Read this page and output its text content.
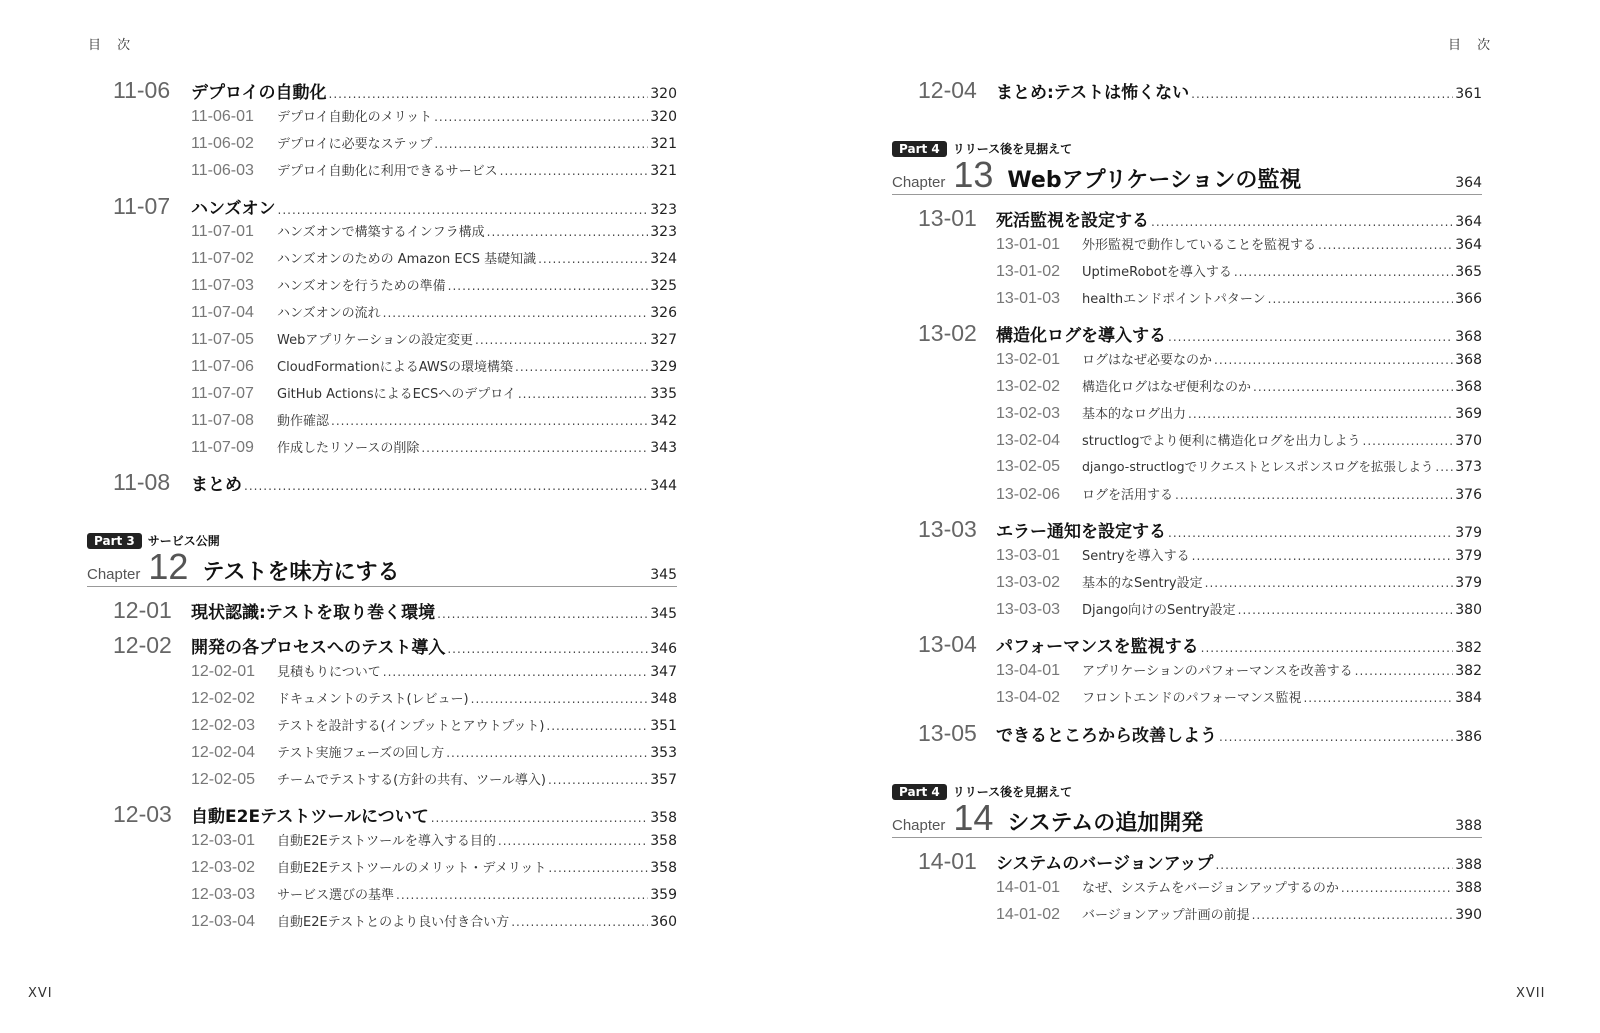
目 次
11-06	デプロイの自動化 .....	320
11-06-01	デプロイ自動化のメリット .....	320
11-06-02	デプロイに必要なステップ .....	321
11-06-03	デプロイ自動化に利用できるサービス .....	321
11-07	ハンズオン .....	323
11-07-01	ハンズオンで構築するインフラ構成 .....	323
11-07-02	ハンズオンのための Amazon ECS 基礎知識 .....	324
11-07-03	ハンズオンを行うための準備 .....	325
11-07-04	ハンズオンの流れ .....	326
11-07-05	Webアプリケーションの設定変更 .....	327
11-07-06	CloudFormationによるAWSの環境構築 .....	329
11-07-07	GitHub ActionsによるECSへのデプロイ .....	335
11-07-08	動作確認 .....	342
11-07-09	作成したリソースの削除 .....	343
11-08	まとめ .....	344
Part 3	サービス公開
Chapter 12 テストを味方にする	345
12-01	現状認識:テストを取り巻く環境 .....	345
12-02	開発の各プロセスへのテスト導入 .....	346
12-02-01	見積もりについて .....	347
12-02-02	ドキュメントのテスト(レビュー) .....	348
12-02-03	テストを設計する(インプットとアウトプット) .....	351
12-02-04	テスト実施フェーズの回し方 .....	353
12-02-05	チームでテストする(方針の共有、ツール導入) .....	357
12-03	自動E2Eテストツールについて .....	358
12-03-01	自動E2Eテストツールを導入する目的 .....	358
12-03-02	自動E2Eテストツールのメリット・デメリット .....	358
12-03-03	サービス選びの基準 .....	359
12-03-04	自動E2Eテストとのより良い付き合い方 .....	360
XVI
目 次
12-04	まとめ:テストは怖くない .....	361
Part 4	リリース後を見据えて
Chapter 13 Webアプリケーションの監視	364
13-01	死活監視を設定する .....	364
13-01-01	外形監視で動作していることを監視する .....	364
13-01-02	UptimeRobotを導入する .....	365
13-01-03	healthエンドポイントパターン .....	366
13-02	構造化ログを導入する .....	368
13-02-01	ログはなぜ必要なのか .....	368
13-02-02	構造化ログはなぜ便利なのか .....	368
13-02-03	基本的なログ出力 .....	369
13-02-04	structlogでより便利に構造化ログを出力しよう .....	370
13-02-05	django-structlogでリクエストとレスポンスログを拡張しよう ..... 373
13-02-06	ログを活用する .....	376
13-03	エラー通知を設定する .....	379
13-03-01	Sentryを導入する .....	379
13-03-02	基本的なSentry設定 .....	379
13-03-03	Django向けのSentry設定 .....	380
13-04	パフォーマンスを監視する .....	382
13-04-01	アプリケーションのパフォーマンスを改善する .....	382
13-04-02	フロントエンドのパフォーマンス監視 .....	384
13-05	できるところから改善しよう .....	386
Part 4	リリース後を見据えて
Chapter 14 システムの追加開発	388
14-01	システムのバージョンアップ .....	388
14-01-01	なぜ、システムをバージョンアップするのか .....	388
14-01-02	バージョンアップ計画の前提 .....	390
XVII
